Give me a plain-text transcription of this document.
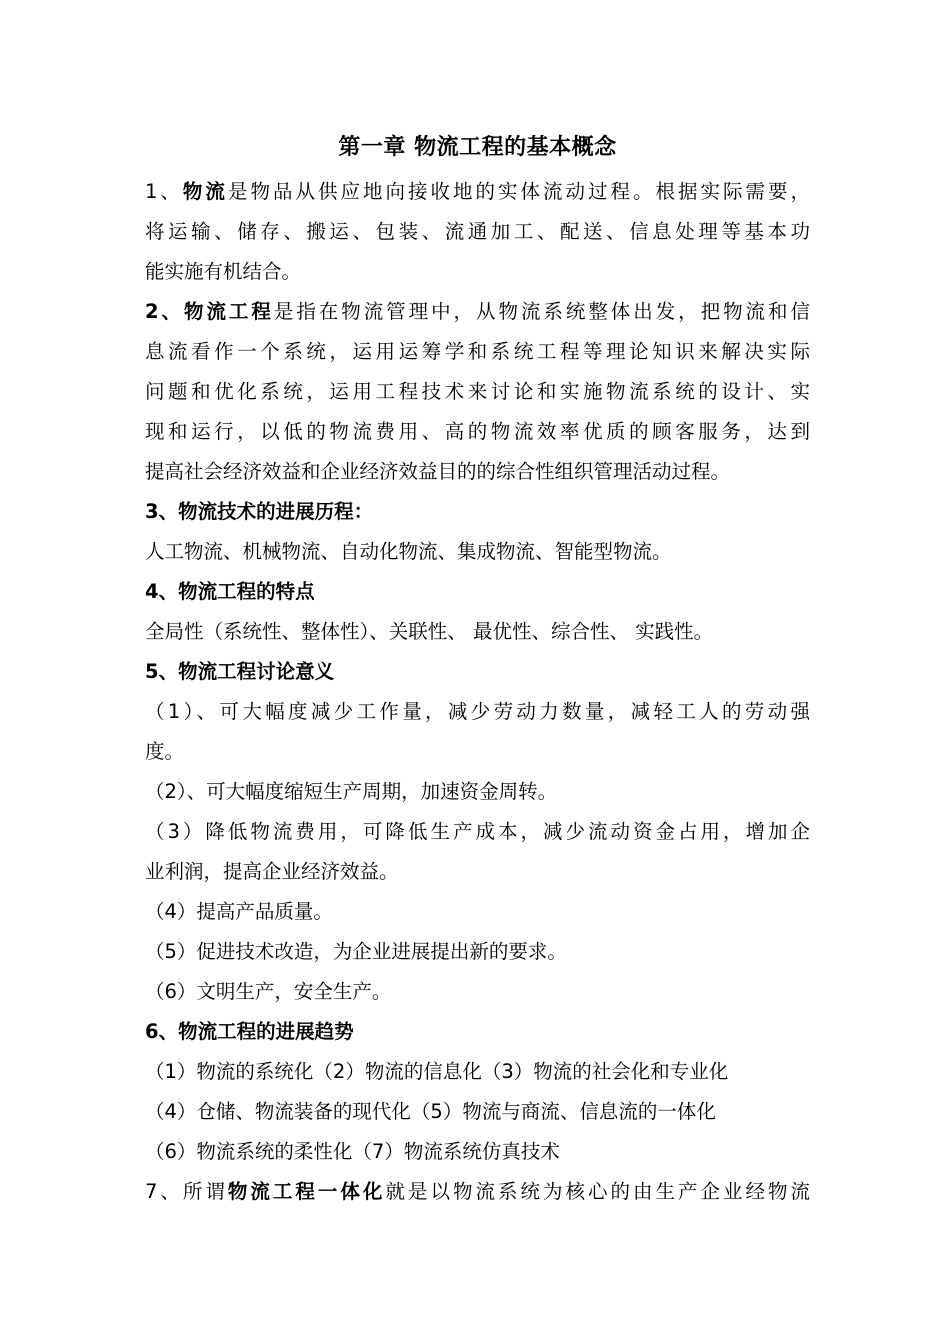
第一章 物流工程的基本概念
1、物流是物品从供应地向接收地的实体流动过程。根据实际需要，
将运输、储存、搬运、包装、流通加工、配送、信息处理等基本功
能实施有机结合。
2、物流工程是指在物流管理中，从物流系统整体出发，把物流和信
息流看作一个系统，运用运筹学和系统工程等理论知识来解决实际
问题和优化系统，运用工程技术来讨论和实施物流系统的设计、实
现和运行，以低的物流费用、高的物流效率优质的顾客服务，达到
提高社会经济效益和企业经济效益目的的综合性组织管理活动过程。
3、物流技术的进展历程：
人工物流、机械物流、自动化物流、集成物流、智能型物流。
4、物流工程的特点
全局性（系统性、整体性）、关联性、 最优性、综合性、 实践性。
5、物流工程讨论意义
（1）、可大幅度减少工作量，减少劳动力数量，减轻工人的劳动强
度。
（2）、可大幅度缩短生产周期，加速资金周转。
（3）降低物流费用，可降低生产成本，减少流动资金占用，增加企
业利润，提高企业经济效益。
（4）提高产品质量。
（5）促进技术改造，为企业进展提出新的要求。
（6）文明生产，安全生产。
6、物流工程的进展趋势
（1）物流的系统化（2）物流的信息化（3）物流的社会化和专业化
（4）仓储、物流装备的现代化（5）物流与商流、信息流的一体化
（6）物流系统的柔性化（7）物流系统仿真技术
7、所谓物流工程一体化就是以物流系统为核心的由生产企业经物流
